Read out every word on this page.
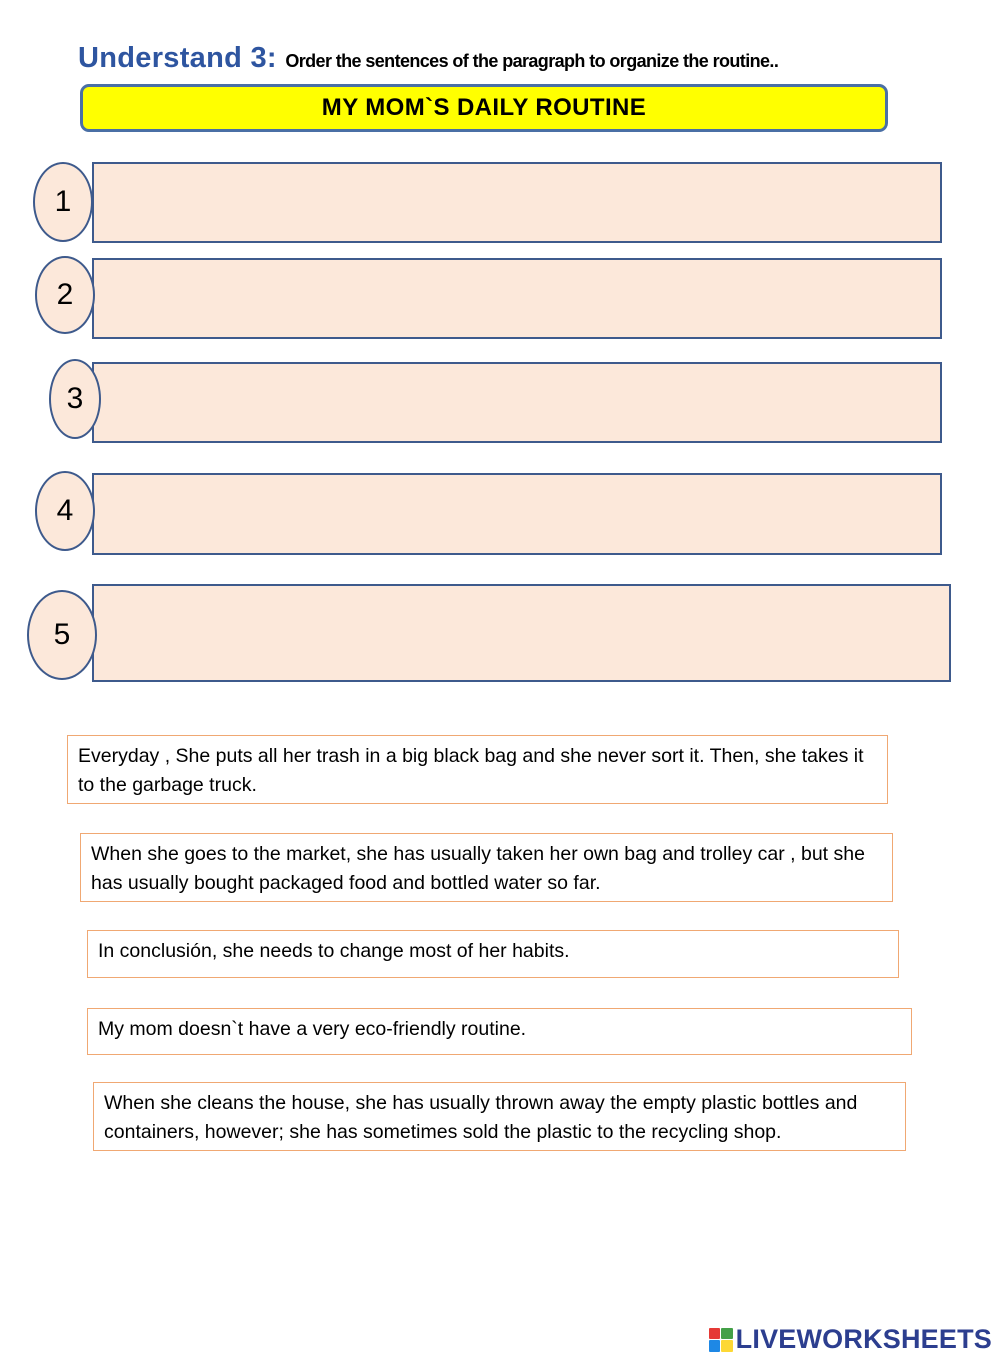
Understand 3: Order the sentences of the paragraph to organize the routine..
MY MOM`S DAILY ROUTINE
1
2
3
4
5
Everyday , She puts all her trash in a big black bag and she never sort it. Then, she takes it to the garbage truck.
When she goes to the market, she has usually taken her own bag and trolley car , but she has usually bought packaged food and bottled water so far.
In conclusión, she needs to change most of her habits.
My mom doesn`t have a very eco-friendly routine.
When she cleans the house, she has usually thrown away the empty plastic bottles and containers, however; she has sometimes sold the plastic to the recycling shop.
LIVEWORKSHEETS
